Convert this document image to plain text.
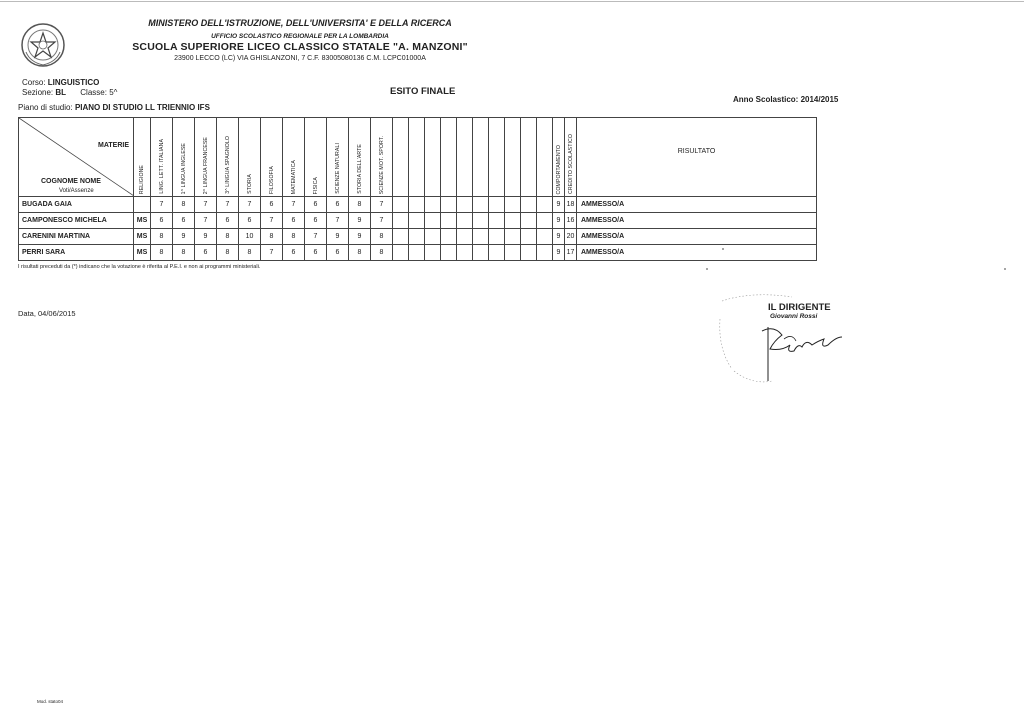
MINISTERO DELL'ISTRUZIONE, DELL'UNIVERSITA' E DELLA RICERCA
UFFICIO SCOLASTICO REGIONALE PER LA LOMBARDIA
SCUOLA SUPERIORE LICEO CLASSICO STATALE "A. MANZONI"
23900 LECCO (LC) VIA GHISLANZONI, 7 C.F. 83005080136 C.M. LCPC01000A
Corso: LINGUISTICO
Sezione: BL Classe: 5^
Piano di studio: PIANO DI STUDIO LL TRIENNIO IFS
ESITO FINALE
Anno Scolastico: 2014/2015
MATERIE
COGNOME NOME
Voti/Assenze	RELIGIONE	LING. LETT. ITALIANA	1^ LINGUA INGLESE	2^ LINGUA FRANCESE	3^ LINGUA SPAGNOLO	STORIA	FILOSOFIA	MATEMATICA	FISICA	SCIENZE NATURALI	STORIA DELL'ARTE	SCIENZE MOT. SPORT.											COMPORTAMENTO	CREDITO SCOLASTICO	RISULTATO

BUGADA GAIA		7	8	7	7	7	6	7	6	6	8	7											9	18	AMMESSO/A
CAMPONESCO MICHELA	MS	6	6	7	6	6	7	6	6	7	9	7											9	16	AMMESSO/A
CARENINI MARTINA	MS	8	9	9	8	10	8	8	7	9	9	8											9	20	AMMESSO/A
PERRI SARA	MS	8	8	6	8	8	7	6	6	6	8	8											9	17	AMMESSO/A
I risultati preceduti da (*) indicano che la votazione è riferita al P.E.I. e non ai programmi ministeriali.
Data, 04/06/2015
IL DIRIGENTE
Giovanni Rossi
Mod. stato04
